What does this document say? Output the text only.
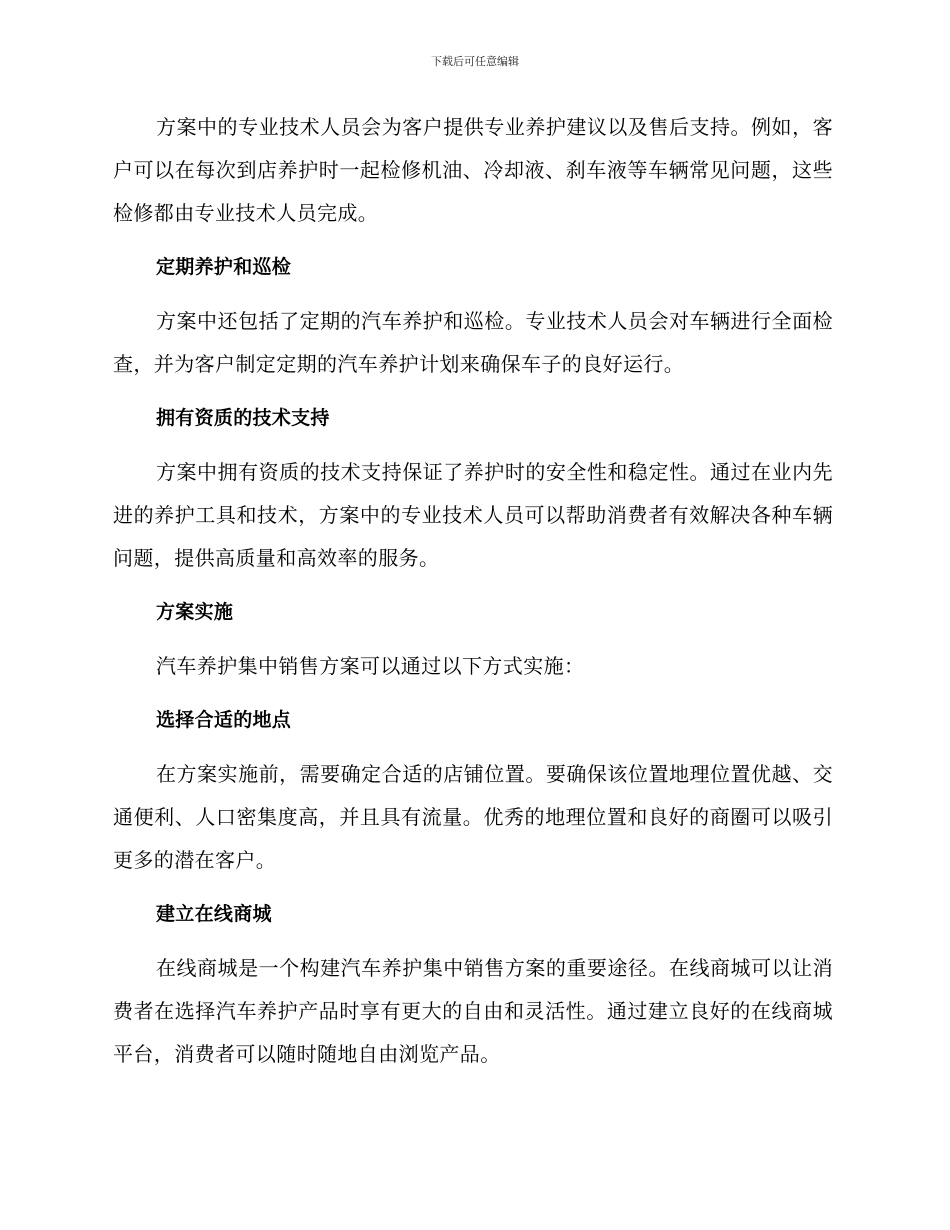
下载后可任意编辑

方案中的专业技术人员会为客户提供专业养护建议以及售后支持。例如，客户可以在每次到店养护时一起检修机油、冷却液、刹车液等车辆常见问题，这些检修都由专业技术人员完成。

定期养护和巡检

方案中还包括了定期的汽车养护和巡检。专业技术人员会对车辆进行全面检查，并为客户制定定期的汽车养护计划来确保车子的良好运行。

拥有资质的技术支持

方案中拥有资质的技术支持保证了养护时的安全性和稳定性。通过在业内先进的养护工具和技术，方案中的专业技术人员可以帮助消费者有效解决各种车辆问题，提供高质量和高效率的服务。

方案实施

汽车养护集中销售方案可以通过以下方式实施：

选择合适的地点

在方案实施前，需要确定合适的店铺位置。要确保该位置地理位置优越、交通便利、人口密集度高，并且具有流量。优秀的地理位置和良好的商圈可以吸引更多的潜在客户。

建立在线商城

在线商城是一个构建汽车养护集中销售方案的重要途径。在线商城可以让消费者在选择汽车养护产品时享有更大的自由和灵活性。通过建立良好的在线商城平台，消费者可以随时随地自由浏览产品。
